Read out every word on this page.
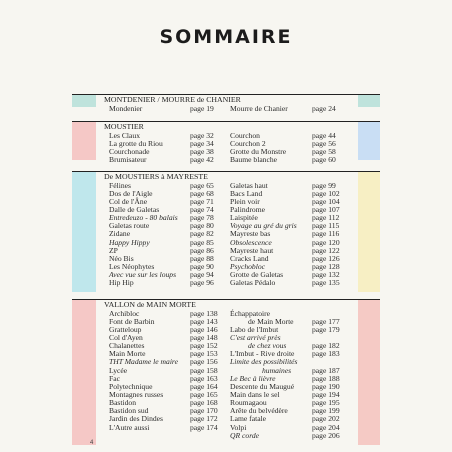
SOMMAIRE
MONTDENIER / MOURRE de CHANIER
Mondenier	page 19 Mourre de Chanier	page 24
MOUSTIER
Les Claux	page 32
La grotte du Riou	page 34
Courchonade	page 38
Brumisateur	page 42
Courchon	page 44
Courchon 2	page 56
Grotte du Monstre	page 58
Baume blanche	page 60
De MOUSTIERS à MAYRESTE
Félines	page 65
Dos de l'Aigle	page 68
Col de l'Âne	page 71
Dalle de Galetas	page 74
Entredeuzo - 80 balais page 78
Galetas route	page 80
Zidane	page 82
Happy Hippy	page 85
ZP	page 86
Néo Bis	page 88
Les Néophytes	page 90
Avec vue sur les loups page 94
Hip Hip	page 96
Galetas haut	page 99
Bacs Land	page 102
Plein voir	page 104
Palindrome	page 107
Laispitée	page 112
Voyage au gré du gris page 115
Mayreste bas	page 116
Obsolescence	page 120
Mayreste haut	page 122
Cracks Land	page 126
Psychobloc	page 128
Grotte de Galetas	page 132
Galetas Pédalo	page 135
VALLON de MAIN MORTE
Archibloc	page 138
Font de Barbin	page 143
Gratteloup	page 146
Col d'Ayen	page 148
Chalanettes	page 152
Main Morte	page 153
THT Madame le maire page 156
Lycée	page 158
Fac	page 163
Polytechnique	page 164
Montagnes russes	page 165
Bastidon	page 168
Bastidon sud	page 170
Jardin des Dindes	page 172
L'Autre aussi	page 174
Échappatoire
de Main Morte page 177
Labo de l'Imbut	page 179
C'est arrivé près
de chez vous	page 182
L'Imbut - Rive droite page 183
Limite des possibilités
humaines	page 187
Le Bec à lièvre	page 188
Descente du Maugué page 190
Main dans le sel	page 194
Roumagaou	page 195
Arête du belvédère	page 199
Lame fatale	page 202
Volpi	page 204
QR corde	page 206
4
